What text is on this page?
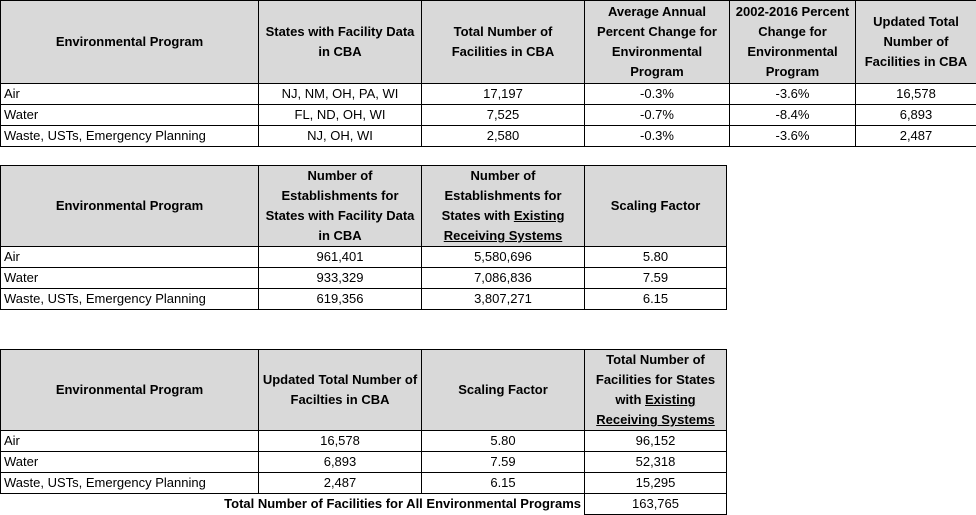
Environmental Program	States with Facility Data in CBA	Total Number of Facilities in CBA	Average Annual Percent Change for Environmental Program	2002-2016 Percent Change for Environmental Program	Updated Total Number of Facilities in CBA
Air	NJ, NM, OH, PA, WI	17,197	-0.3%	-3.6%	16,578
Water	FL, ND, OH, WI	7,525	-0.7%	-8.4%	6,893
Waste, USTs, Emergency Planning	NJ, OH, WI	2,580	-0.3%	-3.6%	2,487
Environmental Program	Number of Establishments for States with Facility Data in CBA	Number of Establishments for States with Existing Receiving Systems	Scaling Factor
Air	961,401	5,580,696	5.80
Water	933,329	7,086,836	7.59
Waste, USTs, Emergency Planning	619,356	3,807,271	6.15
Environmental Program	Updated Total Number of Facilties in CBA	Scaling Factor	Total Number of Facilities for States with Existing Receiving Systems
Air	16,578	5.80	96,152
Water	6,893	7.59	52,318
Waste, USTs, Emergency Planning	2,487	6.15	15,295
Total Number of Facilities for All Environmental Programs			163,765
